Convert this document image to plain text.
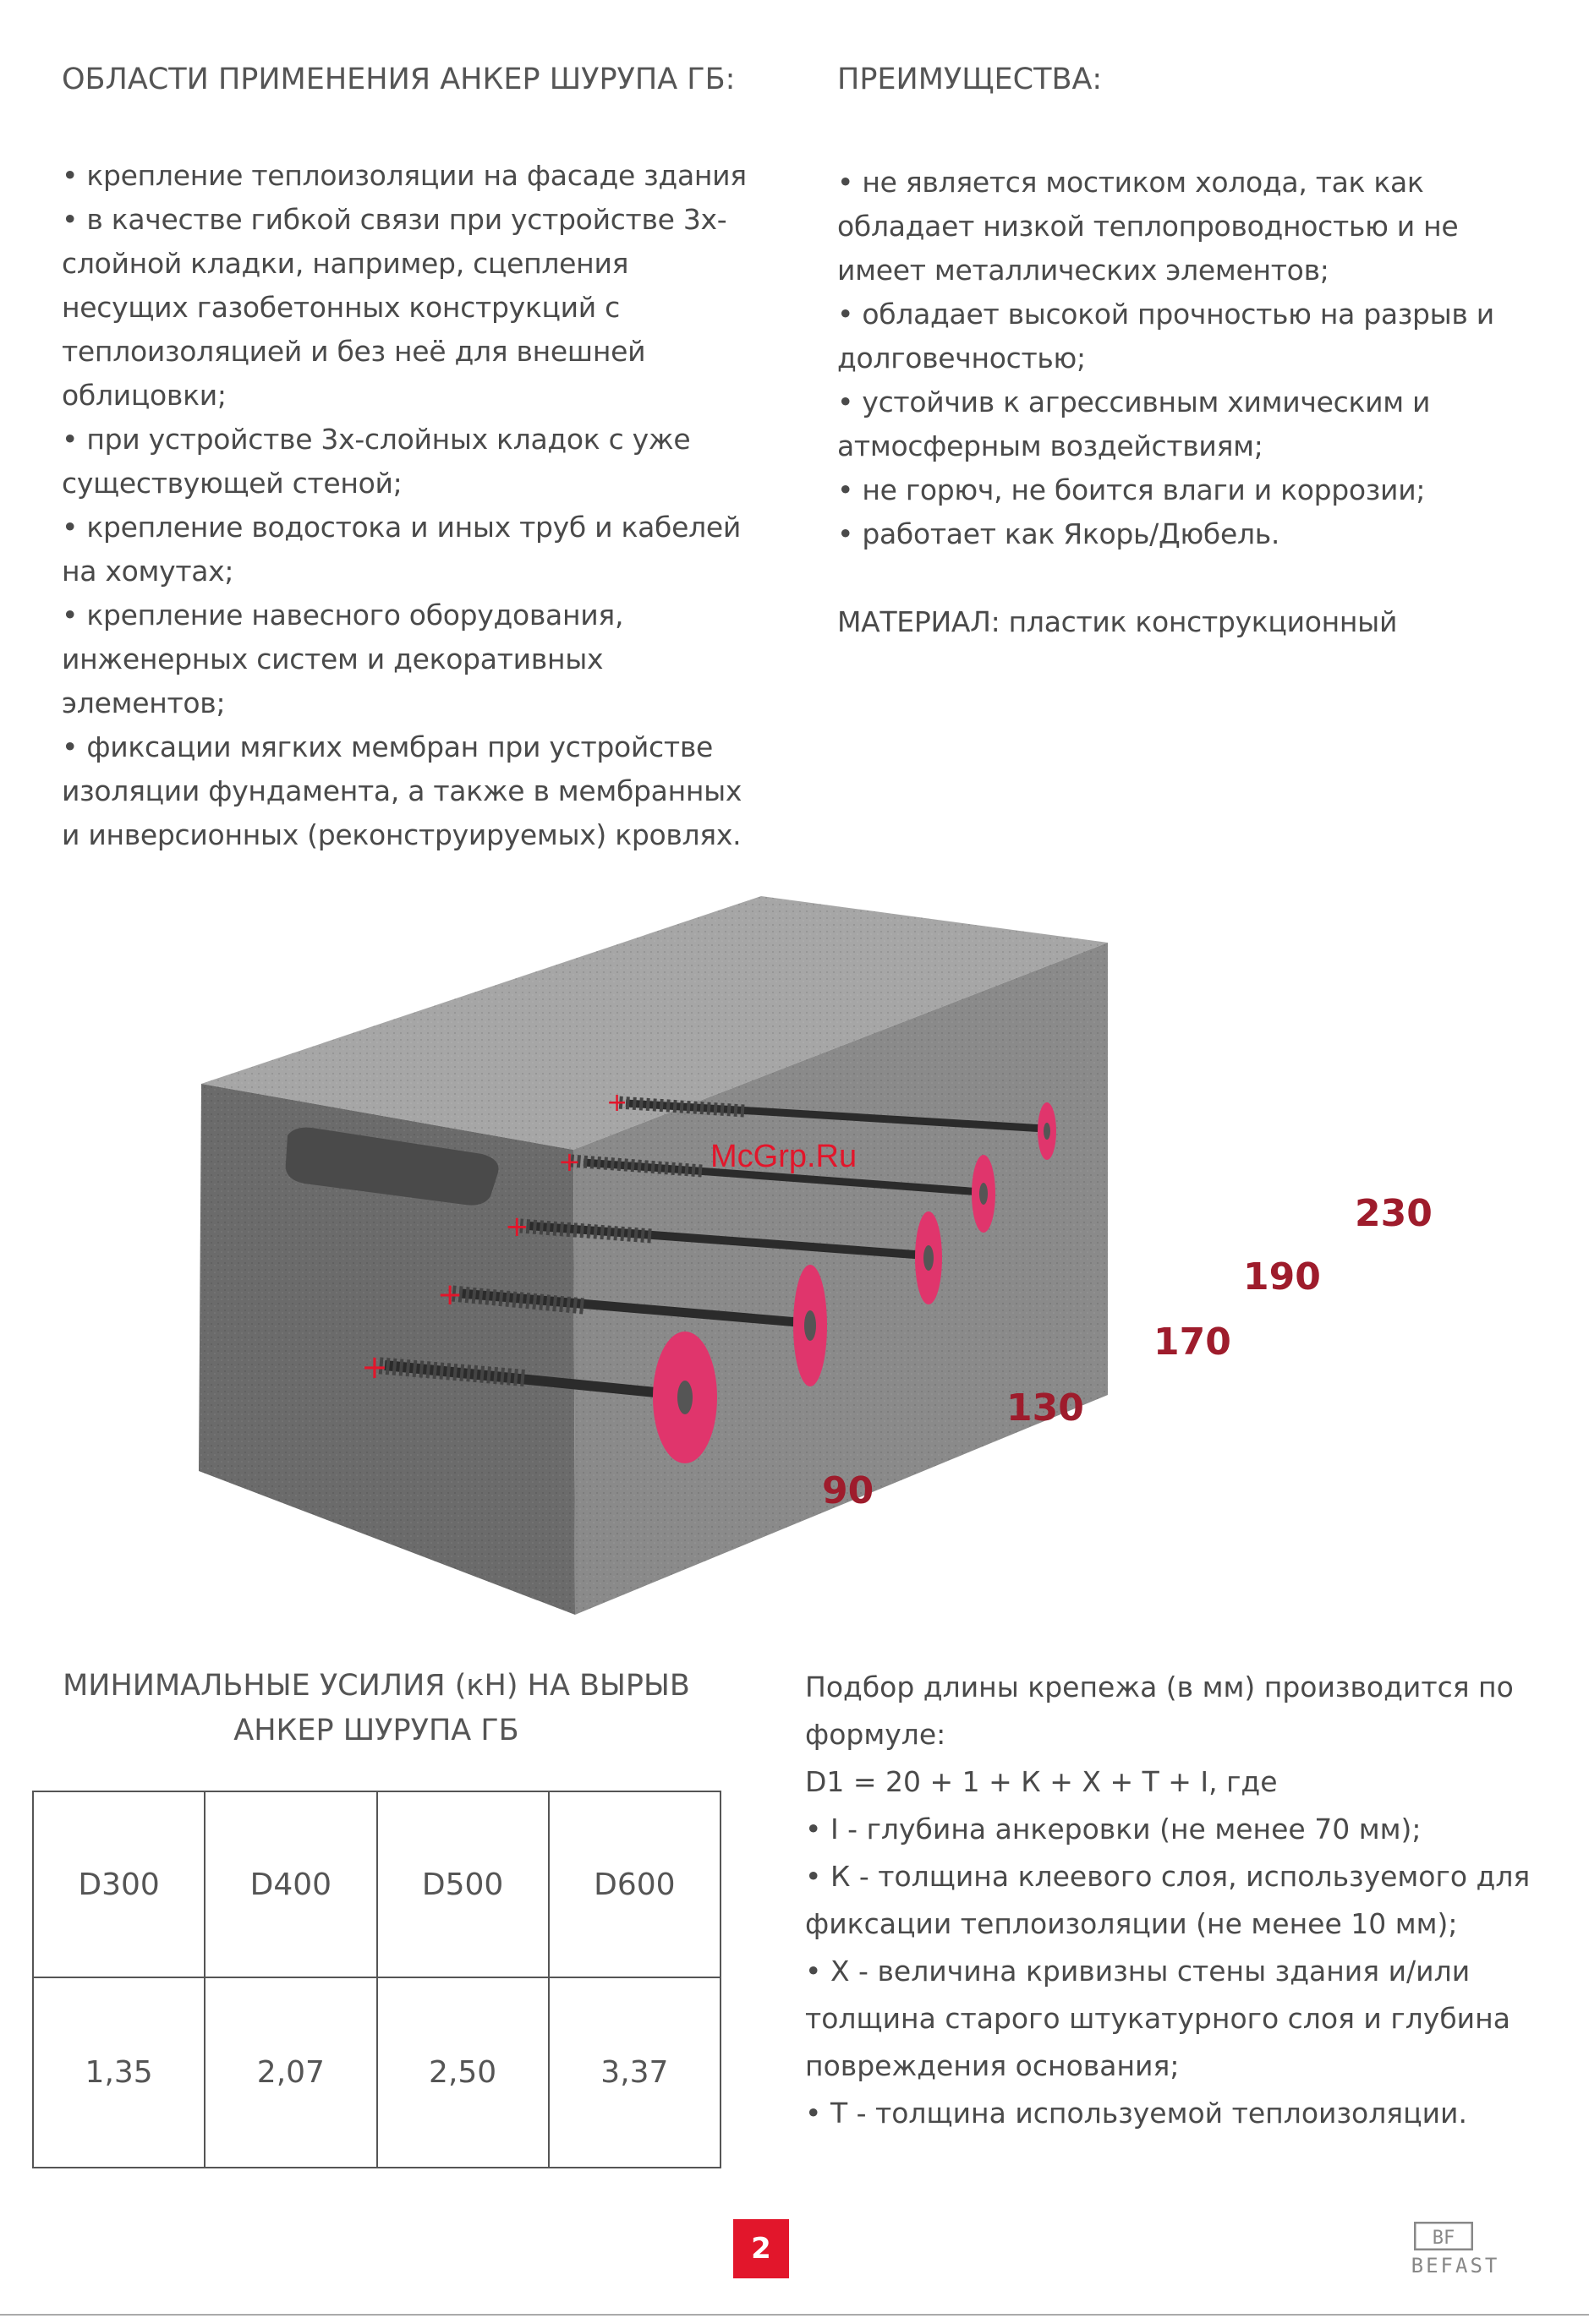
ОБЛАСТИ ПРИМЕНЕНИЯ АНКЕР ШУРУПА ГБ:
• крепление теплоизоляции на фасаде здания
• в качестве гибкой связи при устройстве 3х-слойной кладки, например, сцепления несущих газобетонных конструкций с теплоизоляцией и без неё для внешней облицовки;
• при устройстве 3х-слойных кладок с уже существующей стеной;
• крепление водостока и иных труб и кабелей на хомутах;
• крепление навесного оборудования, инженерных систем и декоративных элементов;
• фиксации мягких мембран при устройстве изоляции фундамента, а также в мембранных и инверсионных (реконструируемых) кровлях.
ПРЕИМУЩЕСТВА:
• не является мостиком холода, так как обладает низкой теплопроводностью и не имеет металлических элементов;
• обладает высокой прочностью на разрыв и долговечностью;
• устойчив к агрессивным химическим и атмосферным воздействиям;
• не горюч, не боится влаги и коррозии;
• работает как Якорь/Дюбель.
МАТЕРИАЛ: пластик конструкционный
+
+
+
+
+
McGrp.Ru
90
130
170
190
230
МИНИМАЛЬНЫЕ УСИЛИЯ (кН) НА ВЫРЫВ
АНКЕР ШУРУПА ГБ
D300	D400	D500	D600
1,35	2,07	2,50	3,37

Подбор длины крепежа (в мм) производится по формуле:

D1 = 20 + 1 + К + Х + Т + I, где

• I - глубина анкеровки (не менее 70 мм);
• К - толщина клеевого слоя, используемого для фиксации теплоизоляции (не менее 10 мм);
• Х - величина кривизны стены здания и/или толщина старого штукатурного слоя и глубина повреждения основания;
• Т - толщина используемой теплоизоляции.
2	BF
BEFAST
